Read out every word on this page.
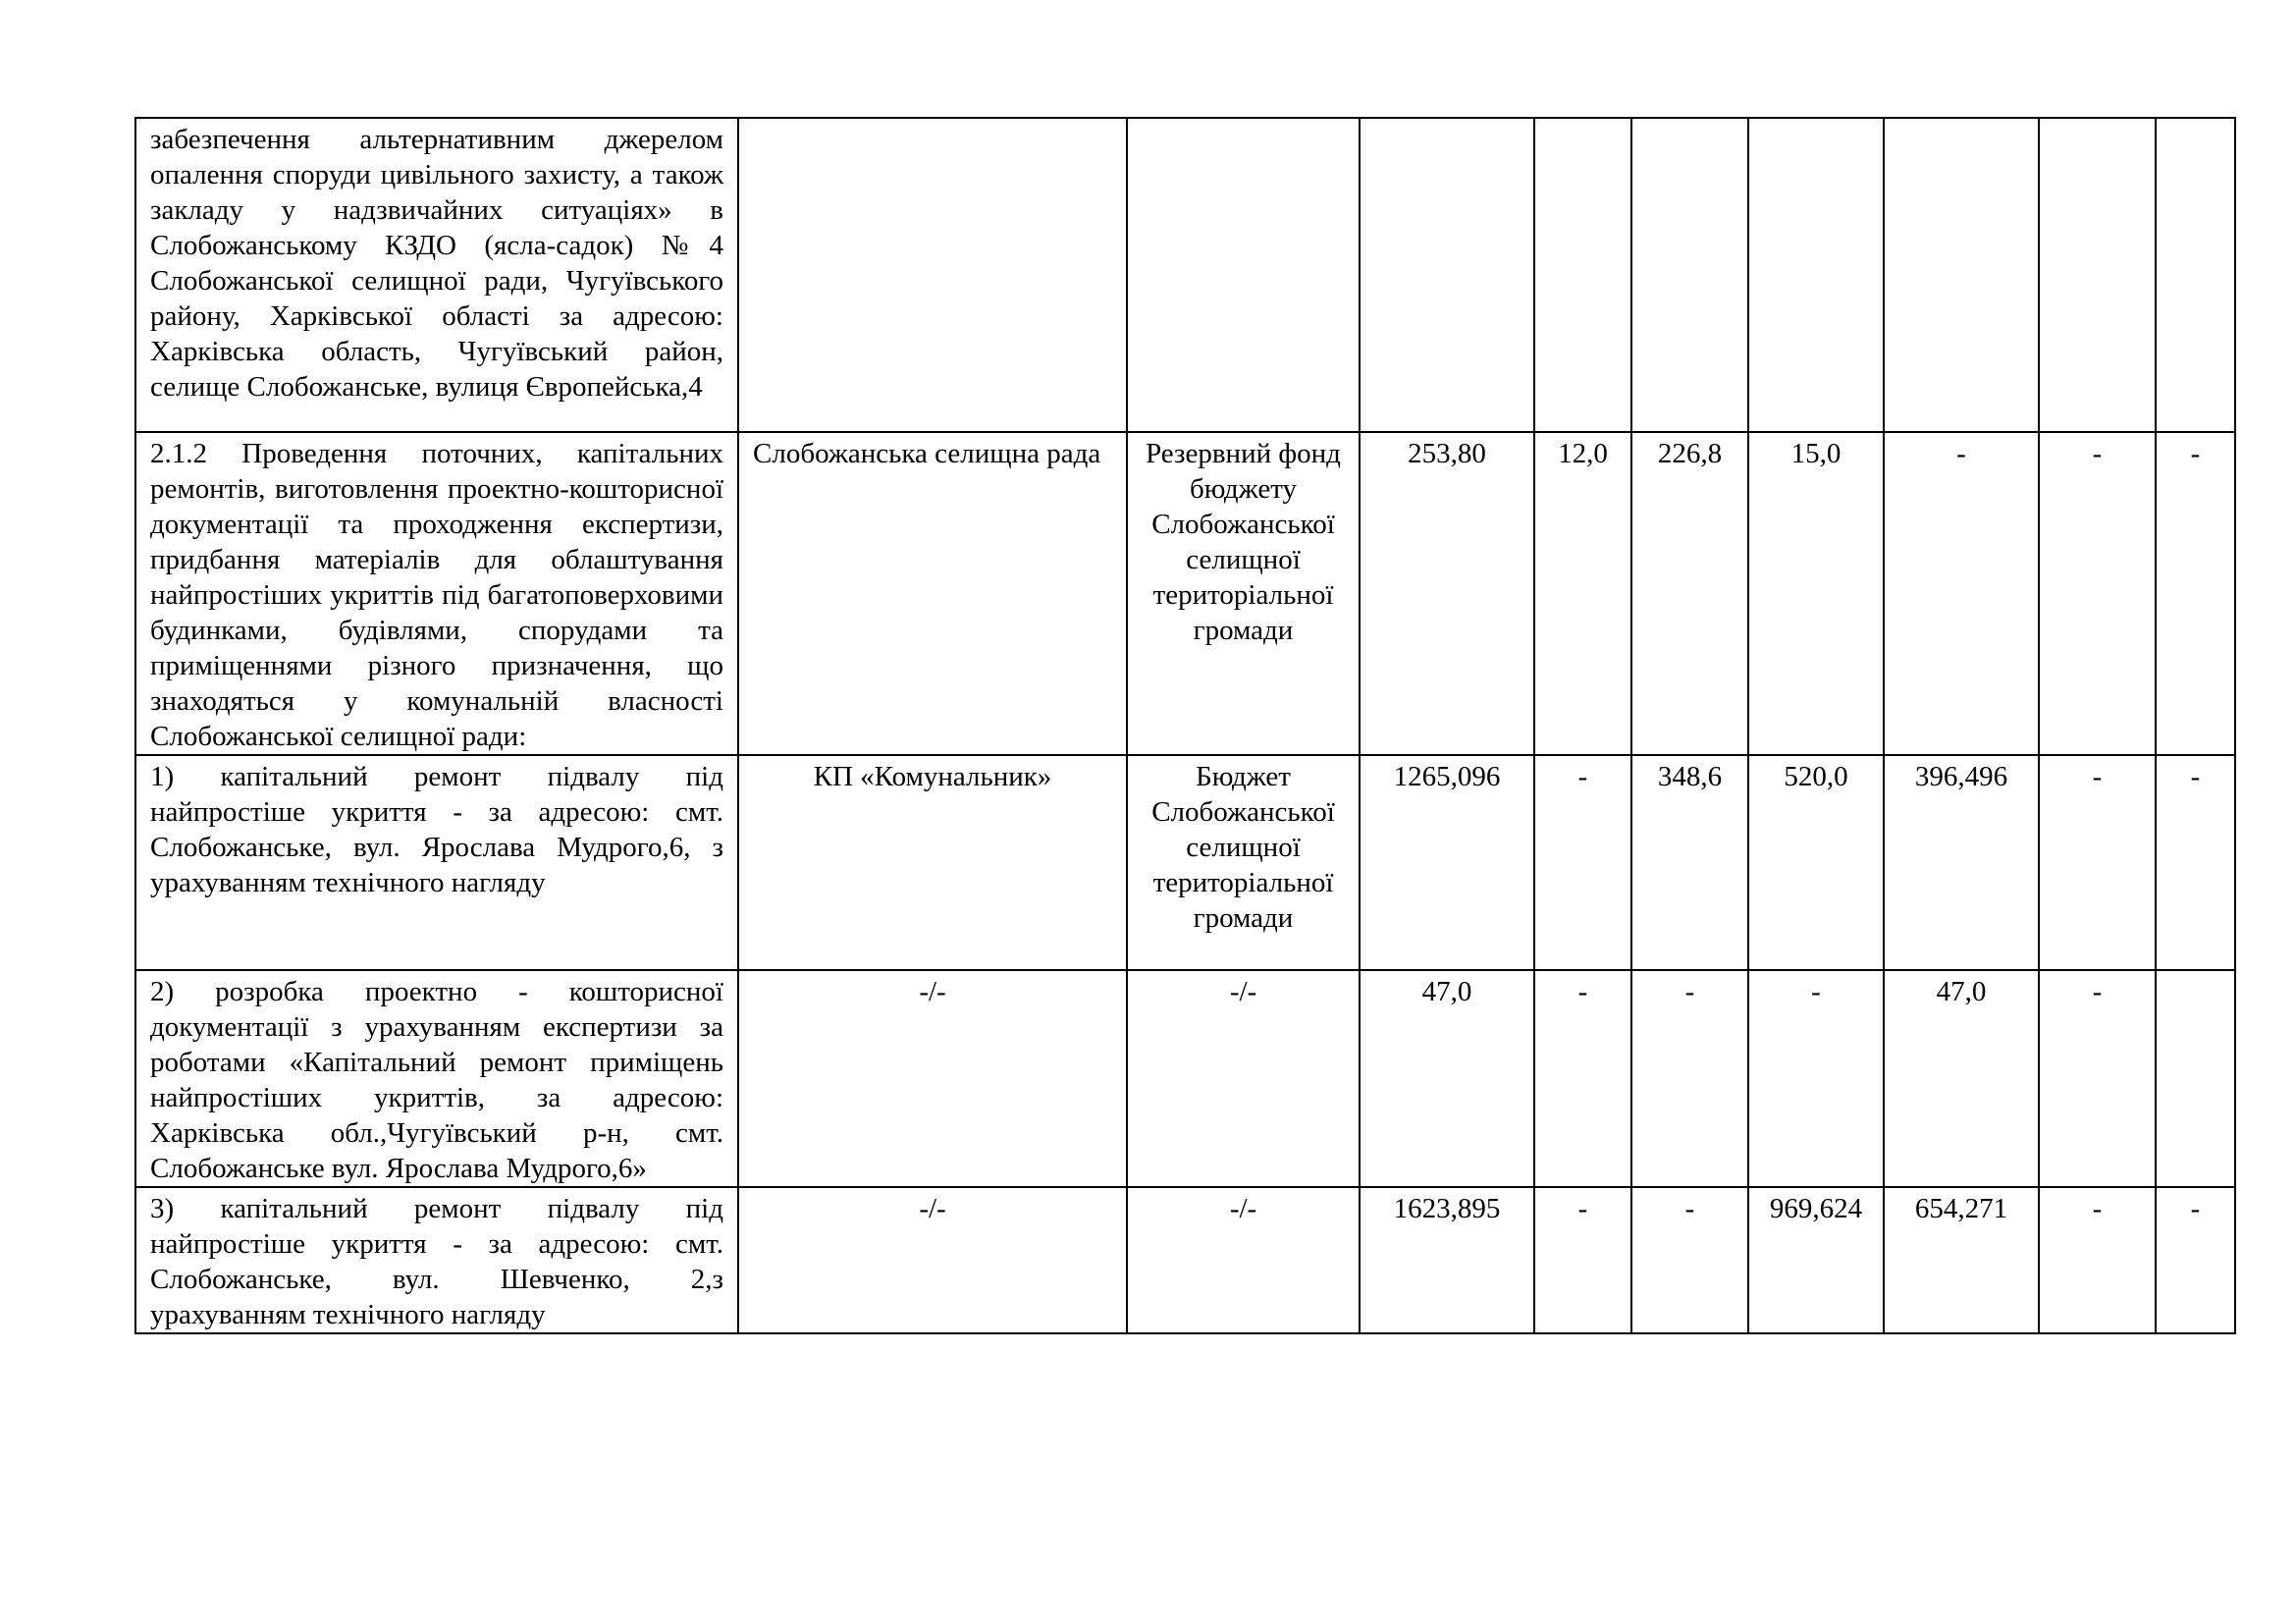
забезпечення альтернативним джерелом опалення споруди цивільного захисту, а також закладу у надзвичайних ситуаціях» в Слобожанському КЗДО (ясла-садок) №4 Слобожанської селищної ради, Чугуївського району, Харківської області за адресою: Харківська область, Чугуївський район, селище Слобожанське, вулиця Європейська,4									
2.1.2 Проведення поточних, капітальних ремонтів, виготовлення проектно-кошторисної документації та проходження експертизи, придбання матеріалів для облаштування найпростіших укриттів під багатоповерховими будинками, будівлями, спорудами та приміщеннями різного призначення, що знаходяться у комунальній власності Слобожанської селищної ради:	Слобожанська селищна рада	Резервний фонд бюджету Слобожанської селищної територіальної громади	253,80	12,0	226,8	15,0	-	-	-
1) капітальний ремонт підвалу під найпростіше укриття - за адресою: смт. Слобожанське, вул. Ярослава Мудрого,6, з урахуванням технічного нагляду	КП «Комунальник»	Бюджет Слобожанської селищної територіальної громади	1265,096	-	348,6	520,0	396,496	-	-
2) розробка проектно - кошторисної документації з урахуванням експертизи за роботами «Капітальний ремонт приміщень найпростіших укриттів, за адресою: Харківська обл.,Чугуївський р-н, смт. Слобожанське вул. Ярослава Мудрого,6»	-/-	-/-	47,0	-	-	-	47,0	-	
3) капітальний ремонт підвалу під найпростіше укриття - за адресою: смт. Слобожанське, вул. Шевченко, 2,з урахуванням технічного нагляду	-/-	-/-	1623,895	-	-	969,624	654,271	-	-
